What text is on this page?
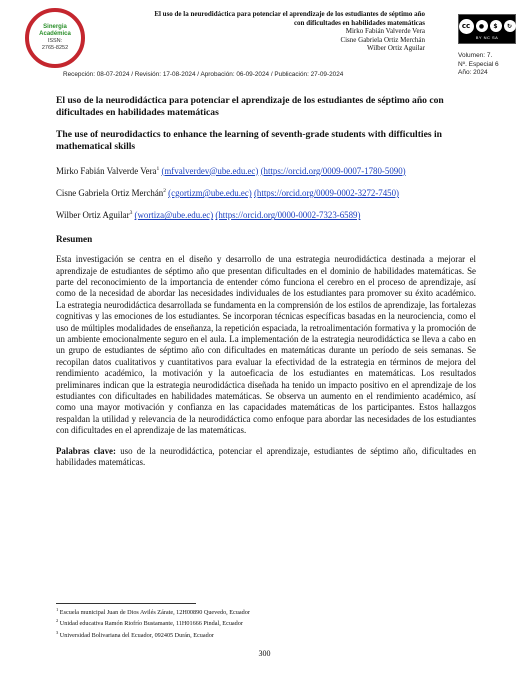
Sinergia
Académica
ISSN:
2765-8252
El uso de la neurodidáctica para potenciar el aprendizaje de los estudiantes de séptimo año
con dificultades en habilidades matemáticas
Mirko Fabián Valverde Vera
Cisne Gabriela Ortiz Merchán
Wilber Ortiz Aguilar
cc	●	$	↻
BY NC SA
Volumen: 7.
Nº. Especial 6
Año: 2024
Recepción: 08-07-2024 / Revisión: 17-08-2024 / Aprobación: 06-09-2024 / Publicación: 27-09-2024

El uso de la neurodidáctica para potenciar el aprendizaje de los estudiantes de séptimo año con dificultades en habilidades matemáticas

The use of neurodidactics to enhance the learning of seventh-grade students with difficulties in mathematical skills

Mirko Fabián Valverde Vera$^1$ (mfvalverdev@ube.edu.ec) (https://orcid.org/0009-0007-1780-5090)
Cisne Gabriela Ortiz Merchán$^2$ (cgortizm@ube.edu.ec) (https://orcid.org/0009-0002-3272-7450)
Wilber Ortiz Aguilar$^3$ (wortiza@ube.edu.ec) (https://orcid.org/0000-0002-7323-6589)
Resumen
Esta investigación se centra en el diseño y desarrollo de una estrategia neurodidáctica destinada a mejorar el aprendizaje de estudiantes de séptimo año que presentan dificultades en el dominio de habilidades matemáticas. Se parte del reconocimiento de la importancia de entender cómo funciona el cerebro en el proceso de aprendizaje, así como de la necesidad de abordar las necesidades individuales de los estudiantes para promover su éxito académico. La estrategia neurodidáctica desarrollada se fundamenta en la comprensión de los estilos de aprendizaje, las fortalezas cognitivas y las emociones de los estudiantes. Se incorporan técnicas específicas basadas en la neurociencia, como el uso de múltiples modalidades de enseñanza, la repetición espaciada, la retroalimentación formativa y la promoción de un ambiente emocionalmente seguro en el aula. La implementación de la estrategia neurodidáctica se lleva a cabo en un grupo de estudiantes de séptimo año con dificultades en matemáticas durante un período de seis semanas. Se recopilan datos cualitativos y cuantitativos para evaluar la efectividad de la estrategia en términos de mejora del rendimiento académico, la motivación y la autoeficacia de los estudiantes en matemáticas. Los resultados preliminares indican que la estrategia neurodidáctica diseñada ha tenido un impacto positivo en el aprendizaje de los estudiantes con dificultades en habilidades matemáticas. Se observa un aumento en el rendimiento académico, así como una mayor motivación y confianza en las capacidades matemáticas de los participantes. Estos hallazgos respaldan la utilidad y relevancia de la neurodidáctica como enfoque para abordar las necesidades de los estudiantes con dificultades en el aprendizaje de las matemáticas.
Palabras clave: uso de la neurodidáctica, potenciar el aprendizaje, estudiantes de séptimo año, dificultades en habilidades matemáticas.
$^1$ Escuela municipal Juan de Dios Avilés Zárate, 12H00890 Quevedo, Ecuador
$^2$ Unidad educativa Ramón Riofrío Bustamante, 11H01666 Pindal, Ecuador
$^3$ Universidad Bolivariana del Ecuador, 092405 Durán, Ecuador
300
